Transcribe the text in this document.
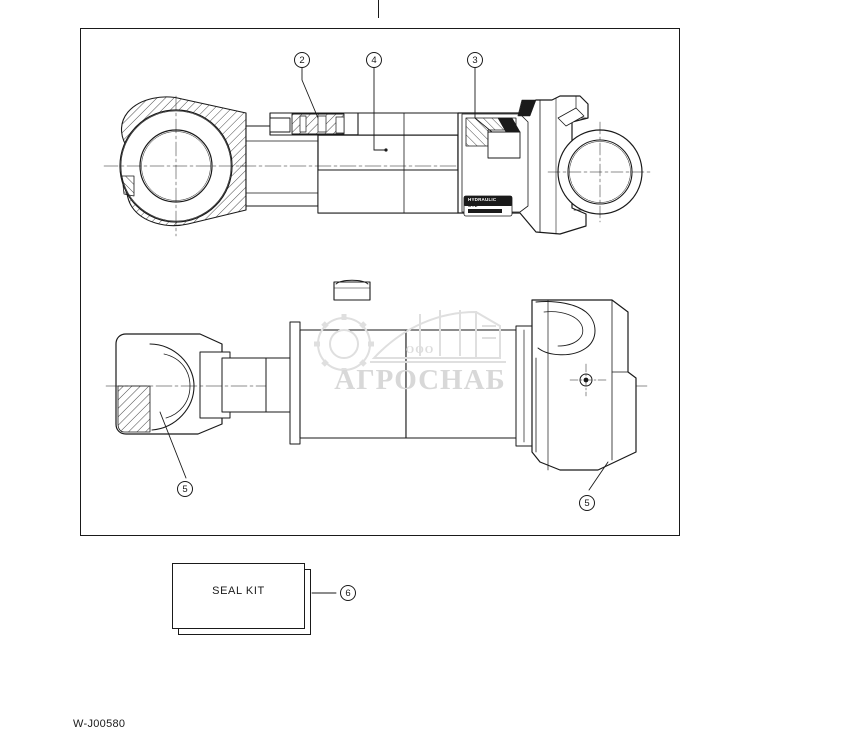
ООО
АГРОСНАБ
HYDRAULIC
CYL
2	4	3
5
5
6
SEAL KIT
W-J00580
